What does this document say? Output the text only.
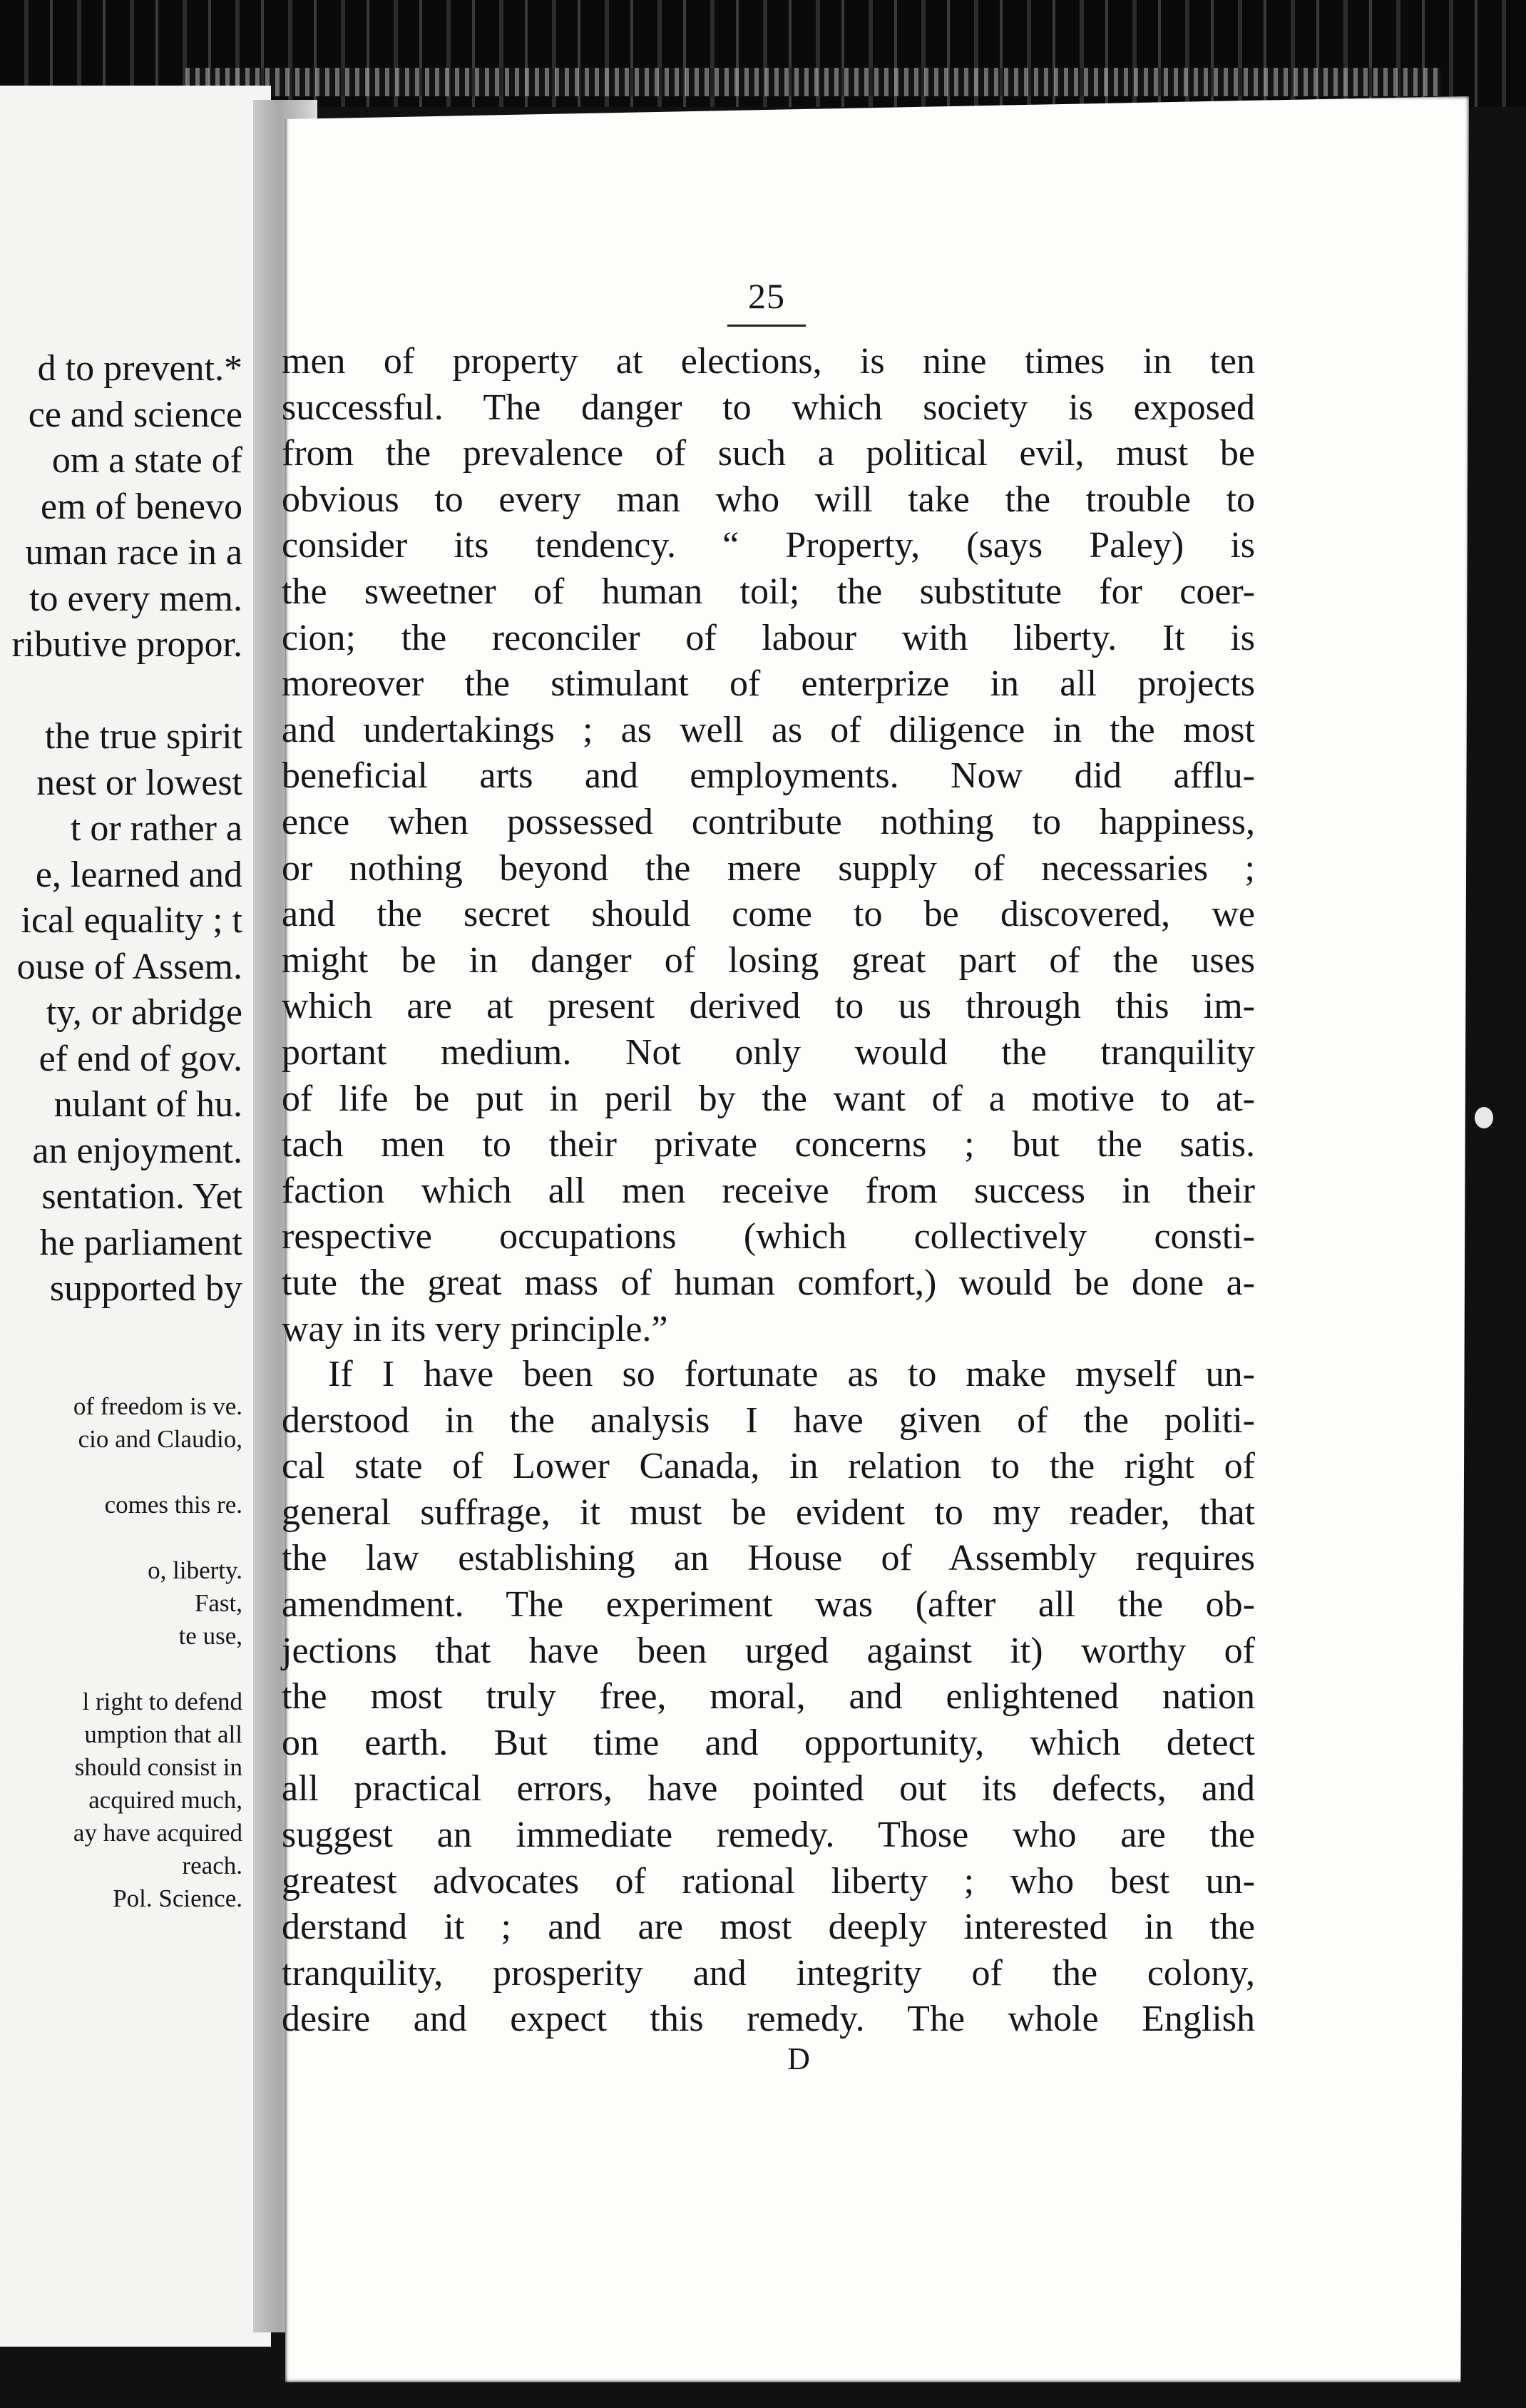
d to prevent.*
ce and science
om a state of
em of benevo
uman race in a
to every mem.
ributive propor.
the true spirit
nest or lowest
t or rather a
e, learned and
ical equality ; t
ouse of Assem.
ty, or abridge
ef end of gov.
nulant of hu.
an enjoyment.
sentation. Yet
he parliament
supported by
of freedom is ve.
cio and Claudio,
comes this re.
o, liberty.
Fast,
te use,
l right to defend
umption that all
should consist in
acquired much,
ay have acquired
reach.
Pol. Science.
25
men of property at elections, is nine times in ten
successful. The danger to which society is exposed
from the prevalence of such a political evil, must be
obvious to every man who will take the trouble to
consider its tendency. “ Property, (says Paley) is
the sweetner of human toil; the substitute for coer-
cion; the reconciler of labour with liberty. It is
moreover the stimulant of enterprize in all projects
and undertakings ; as well as of diligence in the most
beneficial arts and employments. Now did afflu-
ence when possessed contribute nothing to happiness,
or nothing beyond the mere supply of necessaries ;
and the secret should come to be discovered, we
might be in danger of losing great part of the uses
which are at present derived to us through this im-
portant medium. Not only would the tranquility
of life be put in peril by the want of a motive to at-
tach men to their private concerns ; but the satis.
faction which all men receive from success in their
respective occupations (which collectively consti-
tute the great mass of human comfort,) would be done a-
way in its very principle.”
If I have been so fortunate as to make myself un-
derstood in the analysis I have given of the politi-
cal state of Lower Canada, in relation to the right of
general suffrage, it must be evident to my reader, that
the law establishing an House of Assembly requires
amendment. The experiment was (after all the ob-
jections that have been urged against it) worthy of
the most truly free, moral, and enlightened nation
on earth. But time and opportunity, which detect
all practical errors, have pointed out its defects, and
suggest an immediate remedy. Those who are the
greatest advocates of rational liberty ; who best un-
derstand it ; and are most deeply interested in the
tranquility, prosperity and integrity of the colony,
desire and expect this remedy. The whole English
D
